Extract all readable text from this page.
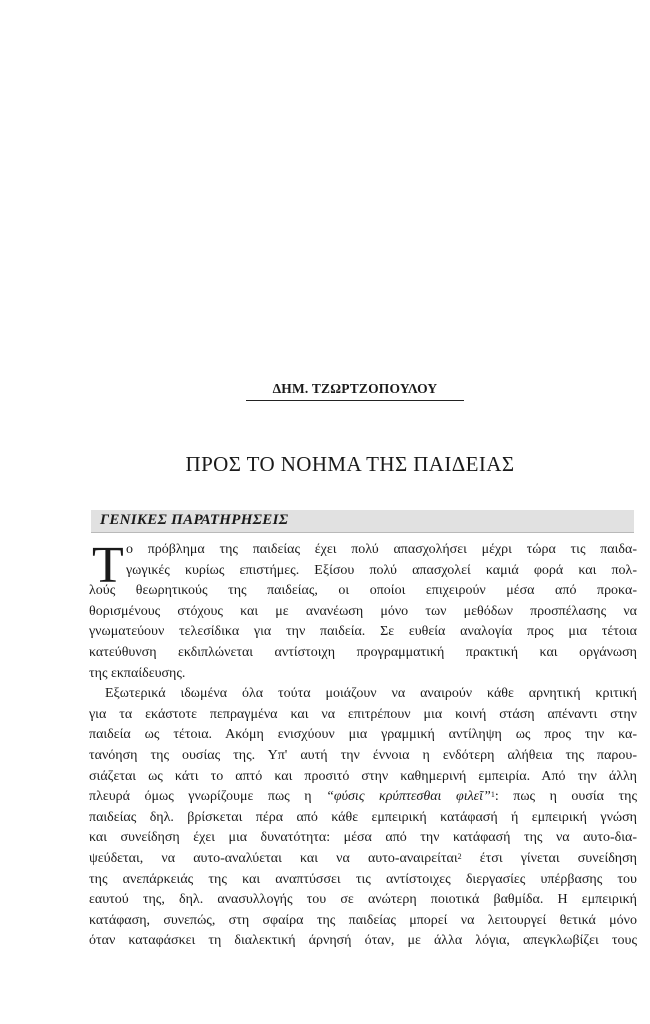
ΔΗΜ. ΤΖΩΡΤΖΟΠΟΥΛΟΥ
ΠΡΟΣ ΤΟ ΝΟΗΜΑ ΤΗΣ ΠΑΙΔΕΙΑΣ
ΓΕΝΙΚΕΣ ΠΑΡΑΤΗΡΗΣΕΙΣ
Τ ο πρόβλημα της παιδείας έχει πολύ απασχολήσει μέχρι τώρα τις παιδα-
γωγικές κυρίως επιστήμες. Εξίσου πολύ απασχολεί καμιά φορά και πολ-
λούς θεωρητικούς της παιδείας, οι οποίοι επιχειρούν μέσα από προκα-
θορισμένους στόχους και με ανανέωση μόνο των μεθόδων προσπέλασης να
γνωματεύουν τελεσίδικα για την παιδεία. Σε ευθεία αναλογία προς μια τέτοια
κατεύθυνση εκδιπλώνεται αντίστοιχη προγραμματική πρακτική και οργάνωση
της εκπαίδευσης.
Εξωτερικά ιδωμένα όλα τούτα μοιάζουν να αναιρούν κάθε αρνητική κριτική
για τα εκάστοτε πεπραγμένα και να επιτρέπουν μια κοινή στάση απέναντι στην
παιδεία ως τέτοια. Ακόμη ενισχύουν μια γραμμική αντίληψη ως προς την κα-
τανόηση της ουσίας της. Υπ' αυτή την έννοια η ενδότερη αλήθεια της παρου-
σιάζεται ως κάτι το απτό και προσιτό στην καθημερινή εμπειρία. Από την άλλη
πλευρά όμως γνωρίζουμε πως η “φύσις κρύπτεσθαι φιλεῖ”$^1$: πως η ουσία της
παιδείας δηλ. βρίσκεται πέρα από κάθε εμπειρική κατάφασή ή εμπειρική γνώση
και συνείδηση έχει μια δυνατότητα: μέσα από την κατάφασή της να αυτο-δια-
ψεύδεται, να αυτο-αναλύεται και να αυτο-αναιρείται$^2$ έτσι γίνεται συνείδηση
της ανεπάρκειάς της και αναπτύσσει τις αντίστοιχες διεργασίες υπέρβασης του
εαυτού της, δηλ. ανασυλλογής του σε ανώτερη ποιοτικά βαθμίδα. Η εμπειρική
κατάφαση, συνεπώς, στη σφαίρα της παιδείας μπορεί να λειτουργεί θετικά μόνο
όταν καταφάσκει τη διαλεκτική άρνησή όταν, με άλλα λόγια, απεγκλωβίζει τους
